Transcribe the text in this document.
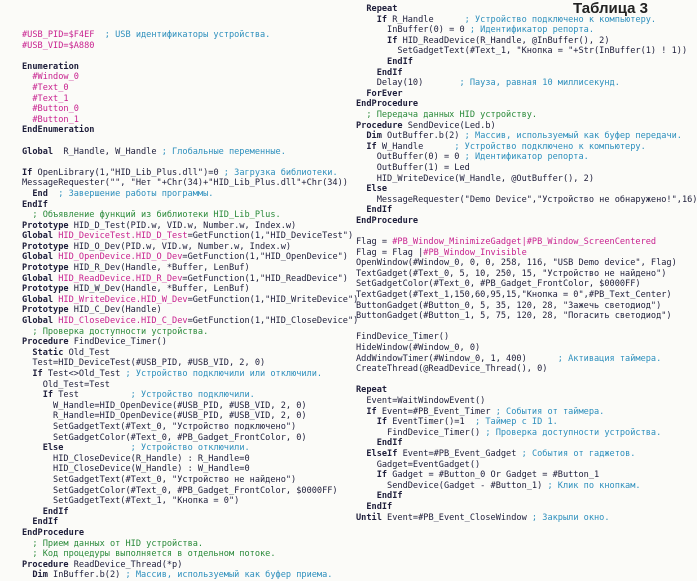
Таблица 3
#USB_PID=$F4EF  ; USB идентификаторы устройства.
#USB_VID=$A880
Enumeration
#Window_0
#Text_0
#Text_1
#Button_0
#Button_1
EndEnumeration
Global  R_Handle, W_Handle ; Глобальные переменные.
If OpenLibrary(1,"HID_Lib_Plus.dll")=0 ; Загрузка библиотеки.
MessageRequester("", "Нет "+Chr(34)+"HID_Lib_Plus.dll"+Chr(34))
End  ; Завершение работы программы.
EndIf
; Объявление функций из библиотеки HID_Lib_Plus.
Prototype HID_D_Test(PID.w, VID.w, Number.w, Index.w)
Global HID_DeviceTest.HID_D_Test=GetFunction(1,"HID_DeviceTest")
Prototype HID_O_Dev(PID.w, VID.w, Number.w, Index.w)
Global HID_OpenDevice.HID_O_Dev=GetFunction(1,"HID_OpenDevice")
Prototype HID_R_Dev(Handle, *Buffer, LenBuf)
Global HID_ReadDevice.HID_R_Dev=GetFunction(1,"HID_ReadDevice")
Prototype HID_W_Dev(Handle, *Buffer, LenBuf)
Global HID_WriteDevice.HID_W_Dev=GetFunction(1,"HID_WriteDevice")
Prototype HID_C_Dev(Handle)
Global HID_CloseDevice.HID_C_Dev=GetFunction(1,"HID_CloseDevice")
; Проверка доступности устройства.
Procedure FindDevice_Timer()
Static Old_Test
Test=HID_DeviceTest(#USB_PID, #USB_VID, 2, 0)
If Test<>Old_Test ; Устройство подключили или отключили.
Old_Test=Test
If Test          ; Устройство подключили.
W_Handle=HID_OpenDevice(#USB_PID, #USB_VID, 2, 0)
R_Handle=HID_OpenDevice(#USB_PID, #USB_VID, 2, 0)
SetGadgetText(#Text_0, "Устройство подключено")
SetGadgetColor(#Text_0, #PB_Gadget_FrontColor, 0)
Else             ; Устройство отключили.
HID_CloseDevice(R_Handle) : R_Handle=0
HID_CloseDevice(W_Handle) : W_Handle=0
SetGadgetText(#Text_0, "Устройство не найдено")
SetGadgetColor(#Text_0, #PB_Gadget_FrontColor, $0000FF)
SetGadgetText(#Text_1, "Кнопка = 0")
EndIf
EndIf
EndProcedure
; Прием данных от HID устройства.
; Код процедуры выполняется в отдельном потоке.
Procedure ReadDevice_Thread(*p)
Dim InBuffer.b(2) ; Массив, используемый как буфер приема.
Repeat
If R_Handle      ; Устройство подключено к компьютеру.
InBuffer(0) = 0 ; Идентификатор репорта.
If HID_ReadDevice(R_Handle, @InBuffer(), 2)
SetGadgetText(#Text_1, "Кнопка = "+Str(InBuffer(1) ! 1))
EndIf
EndIf
Delay(10)       ; Пауза, равная 10 миллисекунд.
ForEver
EndProcedure
; Передача данных HID устройству.
Procedure SendDevice(Led.b)
Dim OutBuffer.b(2) ; Массив, используемый как буфер передачи.
If W_Handle      ; Устройство подключено к компьютеру.
OutBuffer(0) = 0 ; Идентификатор репорта.
OutBuffer(1) = Led
HID_WriteDevice(W_Handle, @OutBuffer(), 2)
Else
MessageRequester("Demo Device","Устройство не обнаружено!",16)
EndIf
EndProcedure
Flag = #PB_Window_MinimizeGadget|#PB_Window_ScreenCentered
Flag = Flag |#PB_Window_Invisible
OpenWindow(#Window_0, 0, 0, 258, 116, "USB Demo device", Flag)
TextGadget(#Text_0, 5, 10, 250, 15, "Устройство не найдено")
SetGadgetColor(#Text_0, #PB_Gadget_FrontColor, $0000FF)
TextGadget(#Text_1,150,60,95,15,"Кнопка = 0",#PB_Text_Center)
ButtonGadget(#Button_0, 5, 35, 120, 28, "Зажечь светодиод")
ButtonGadget(#Button_1, 5, 75, 120, 28, "Погасить светодиод")
FindDevice_Timer()
HideWindow(#Window_0, 0)
AddWindowTimer(#Window_0, 1, 400)      ; Активация таймера.
CreateThread(@ReadDevice_Thread(), 0)
Repeat
Event=WaitWindowEvent()
If Event=#PB_Event_Timer ; События от таймера.
If EventTimer()=1  ; Таймер с ID 1.
FindDevice_Timer() ; Проверка доступности устройства.
EndIf
ElseIf Event=#PB_Event_Gadget ; События от гаджетов.
Gadget=EventGadget()
If Gadget = #Button_0 Or Gadget = #Button_1
SendDevice(Gadget - #Button_1) ; Клик по кнопкам.
EndIf
EndIf
Until Event=#PB_Event_CloseWindow ; Закрыли окно.
